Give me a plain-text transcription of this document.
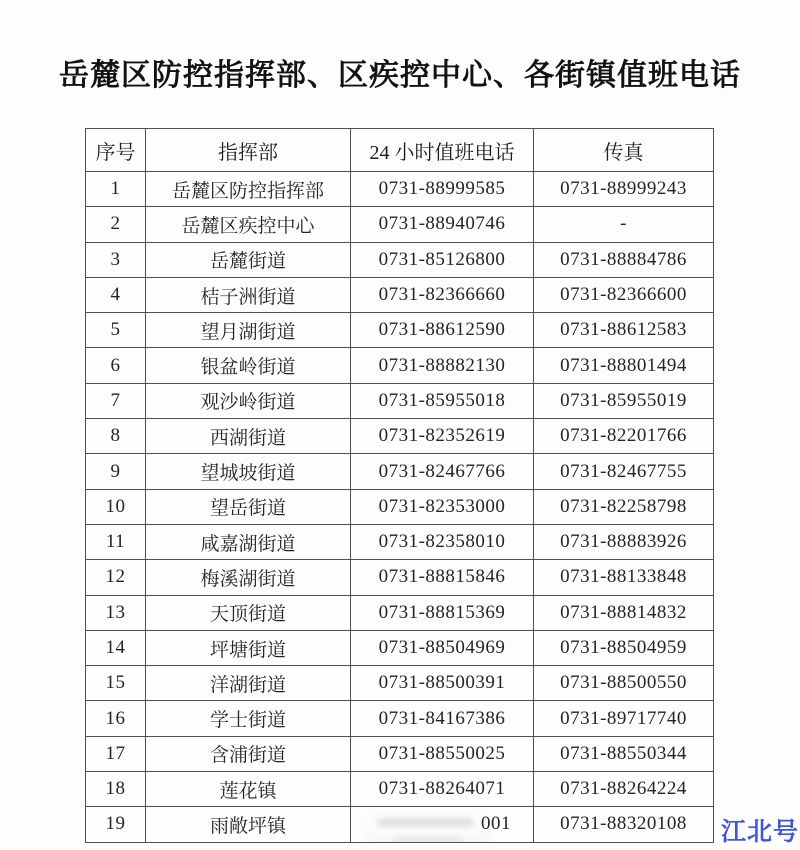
岳麓区防控指挥部、区疾控中心、各街镇值班电话
序号	指挥部	24 小时值班电话	传真
1	岳麓区防控指挥部	0731-88999585	0731-88999243
2	岳麓区疾控中心	0731-88940746	-
3	岳麓街道	0731-85126800	0731-88884786
4	桔子洲街道	0731-82366660	0731-82366600
5	望月湖街道	0731-88612590	0731-88612583
6	银盆岭街道	0731-88882130	0731-88801494
7	观沙岭街道	0731-85955018	0731-85955019
8	西湖街道	0731-82352619	0731-82201766
9	望城坡街道	0731-82467766	0731-82467755
10	望岳街道	0731-82353000	0731-82258798
11	咸嘉湖街道	0731-82358010	0731-88883926
12	梅溪湖街道	0731-88815846	0731-88133848
13	天顶街道	0731-88815369	0731-88814832
14	坪塘街道	0731-88504969	0731-88504959
15	洋湖街道	0731-88500391	0731-88500550
16	学士街道	0731-84167386	0731-89717740
17	含浦街道	0731-88550025	0731-88550344
18	莲花镇	0731-88264071	0731-88264224
19	雨敞坪镇	001	0731-88320108 江北号
